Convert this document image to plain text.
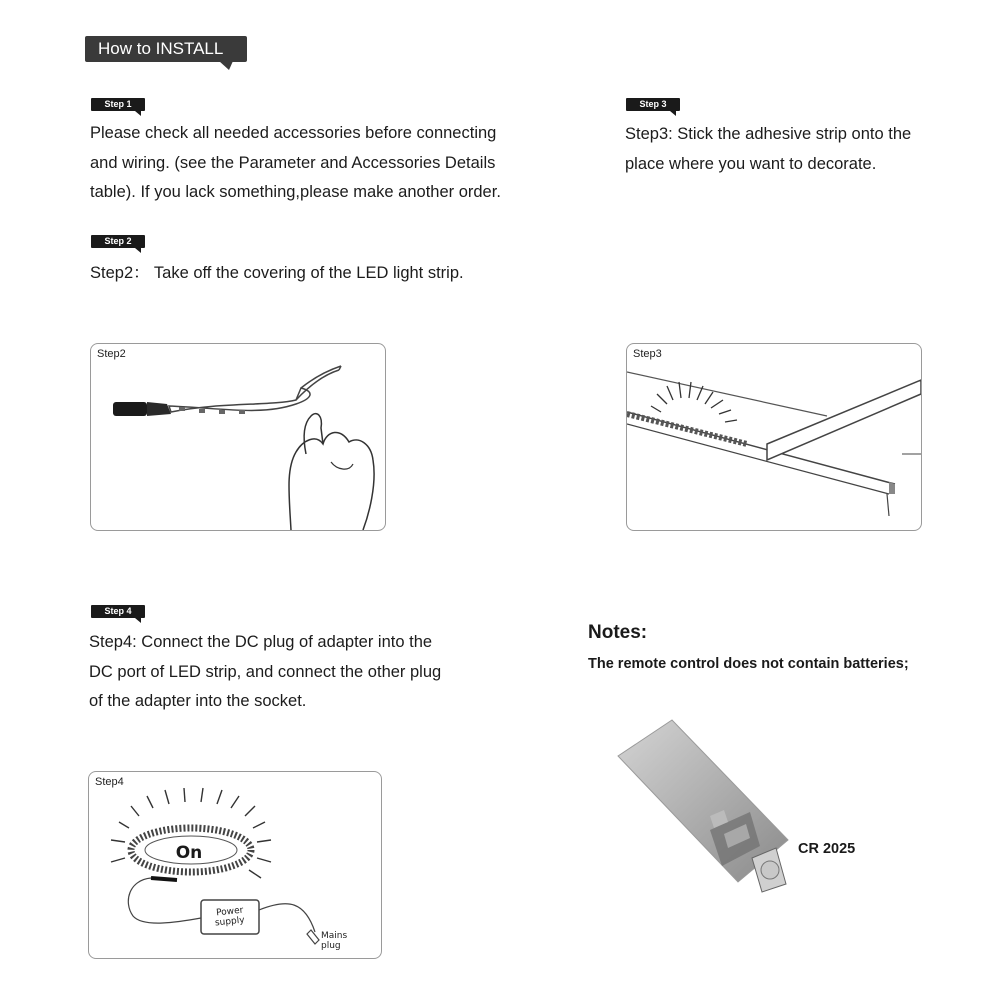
How to INSTALL
Step 1
Please check all needed accessories before connecting
and wiring. (see the Parameter and Accessories Details
table). If you lack something,please make another order.
Step 2
Step2： Take off the covering of the LED light strip.
Step 3
Step3: Stick the adhesive strip onto the
place where you want to decorate.
Step2	Step3
Step 4
Step4: Connect the DC plug of adapter into the
DC port of LED strip, and connect the other plug
of the adapter into the socket.
Step4
On
Power
supply
Mains
plug
Notes:
The remote control does not contain batteries;
CR 2025
